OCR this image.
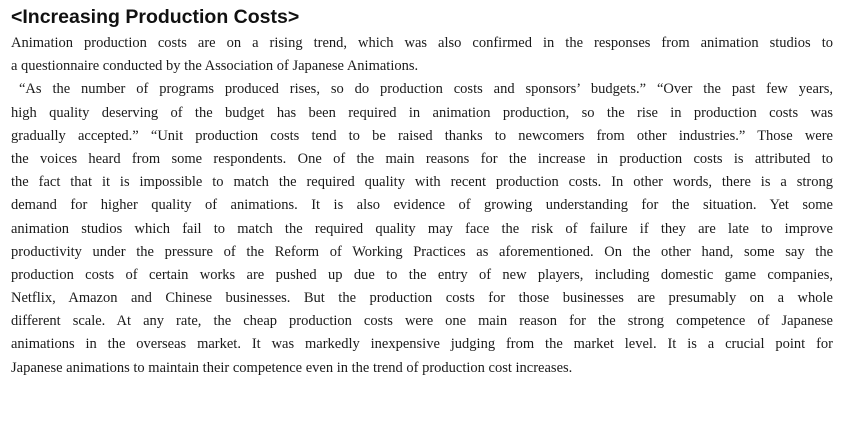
<Increasing Production Costs>
Animation production costs are on a rising trend, which was also confirmed in the responses from animation studios to
a questionnaire conducted by the Association of Japanese Animations.
“As the number of programs produced rises, so do production costs and sponsors’ budgets.” “Over the past few years,
high quality deserving of the budget has been required in animation production, so the rise in production costs was
gradually accepted.” “Unit production costs tend to be raised thanks to newcomers from other industries.” Those were
the voices heard from some respondents. One of the main reasons for the increase in production costs is attributed to
the fact that it is impossible to match the required quality with recent production costs. In other words, there is a strong
demand for higher quality of animations. It is also evidence of growing understanding for the situation. Yet some
animation studios which fail to match the required quality may face the risk of failure if they are late to improve
productivity under the pressure of the Reform of Working Practices as aforementioned. On the other hand, some say the
production costs of certain works are pushed up due to the entry of new players, including domestic game companies,
Netflix, Amazon and Chinese businesses. But the production costs for those businesses are presumably on a whole
different scale. At any rate, the cheap production costs were one main reason for the strong competence of Japanese
animations in the overseas market. It was markedly inexpensive judging from the market level. It is a crucial point for
Japanese animations to maintain their competence even in the trend of production cost increases.
